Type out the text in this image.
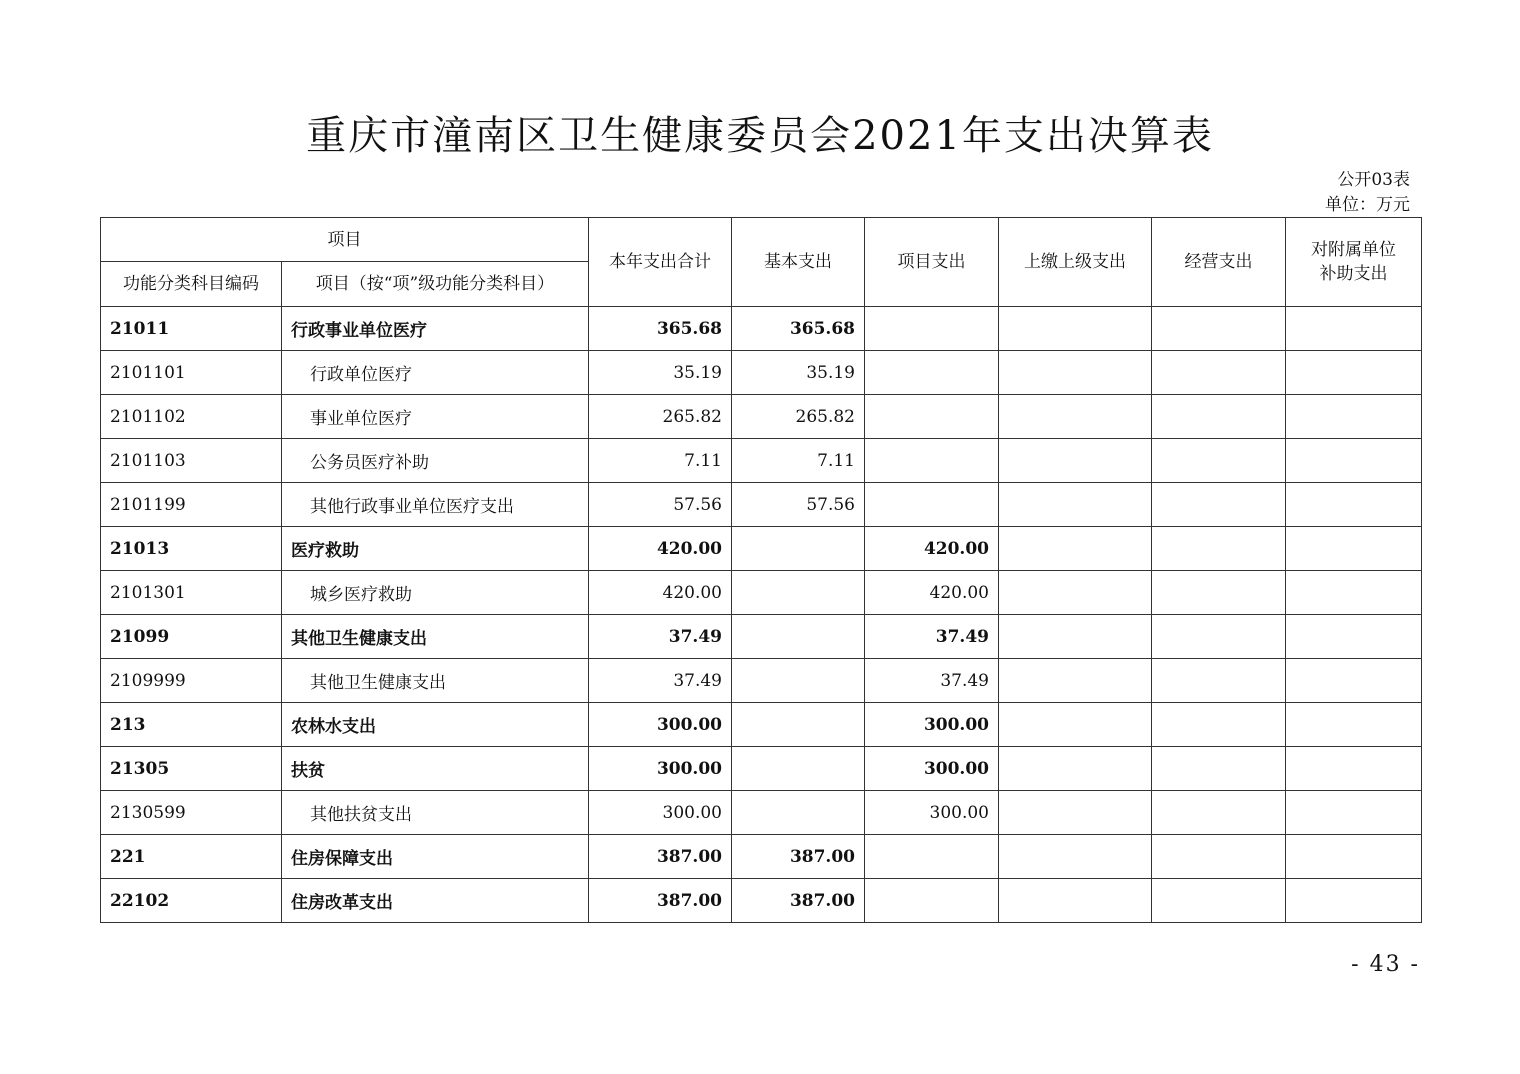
重庆市潼南区卫生健康委员会2021年支出决算表
公开03表
单位：万元
项目		本年支出合计	基本支出	项目支出	上缴上级支出	经营支出	对附属单位
补助支出
功能分类科目编码	项目（按“项”级功能分类科目）						
21011	行政事业单位医疗	365.68	365.68				
2101101	行政单位医疗	35.19	35.19				
2101102	事业单位医疗	265.82	265.82				
2101103	公务员医疗补助	7.11	7.11				
2101199	其他行政事业单位医疗支出	57.56	57.56				
21013	医疗救助	420.00		420.00			
2101301	城乡医疗救助	420.00		420.00			
21099	其他卫生健康支出	37.49		37.49			
2109999	其他卫生健康支出	37.49		37.49			
213	农林水支出	300.00		300.00			
21305	扶贫	300.00		300.00			
2130599	其他扶贫支出	300.00		300.00			
221	住房保障支出	387.00	387.00				
22102	住房改革支出	387.00	387.00				
- 43 -
